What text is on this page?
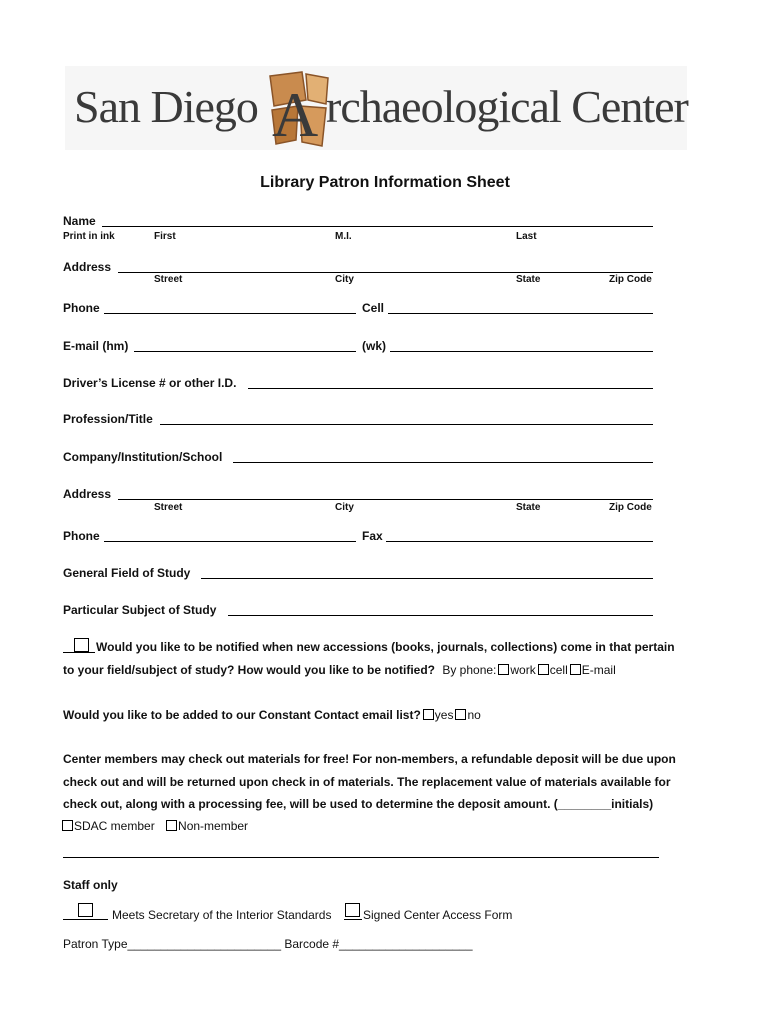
San Diego A rchaeological Center
Library Patron Information Sheet
Name
Print in ink	First	M.I.	Last
Address
Street	City	State	Zip Code
Phone	Cell
E-mail (hm)	(wk)
Driver’s License # or other I.D.
Profession/Title
Company/Institution/School
Address
Street	City	State	Zip Code
Phone	Fax
General Field of Study
Particular Subject of Study
Would you like to be notified when new accessions (books, journals, collections) come in that pertain
to your field/subject of study? How would you like to be notified? By phone: work cell E-mail
Would you like to be added to our Constant Contact email list? yes no
Center members may check out materials for free! For non-members, a refundable deposit will be due upon
check out and will be returned upon check in of materials. The replacement value of materials available for
check out, along with a processing fee, will be used to determine the deposit amount. (________initials)
SDAC member Non-member
Staff only
Meets Secretary of the Interior Standards	Signed Center Access Form
Patron Type_______________________ Barcode #____________________
